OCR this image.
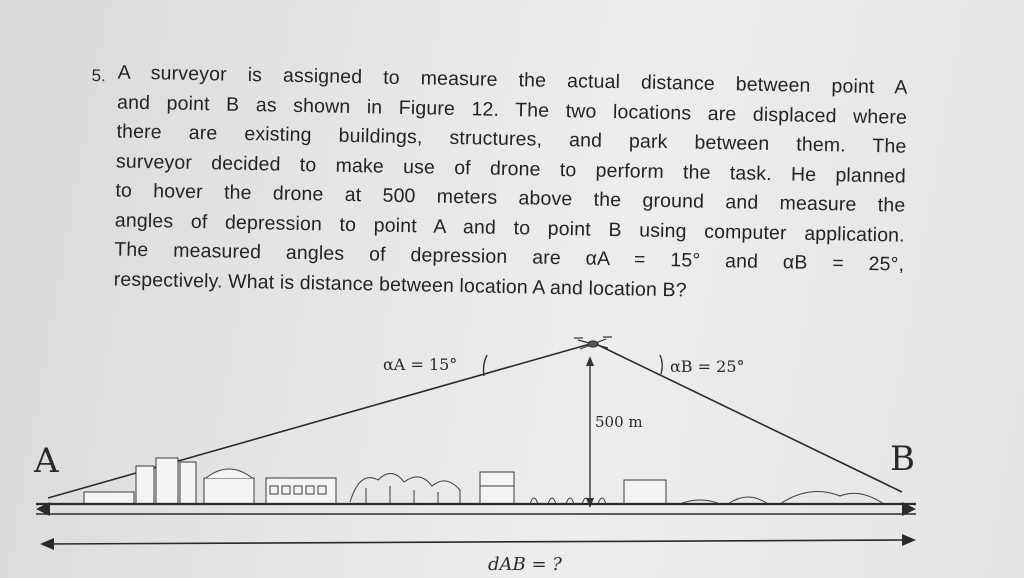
5. A surveyor is assigned to measure the actual distance between point A
and point B as shown in Figure 12. The two locations are displaced where
there are existing buildings, structures, and park between them. The
surveyor decided to make use of drone to perform the task. He planned
to hover the drone at 500 meters above the ground and measure the
angles of depression to point A and to point B using computer application.
The measured angles of depression are αA = 15° and αB = 25°,
respectively. What is distance between location A and location B?
αA = 15°	αB = 25°
500 m
A	B
dAB = ?
